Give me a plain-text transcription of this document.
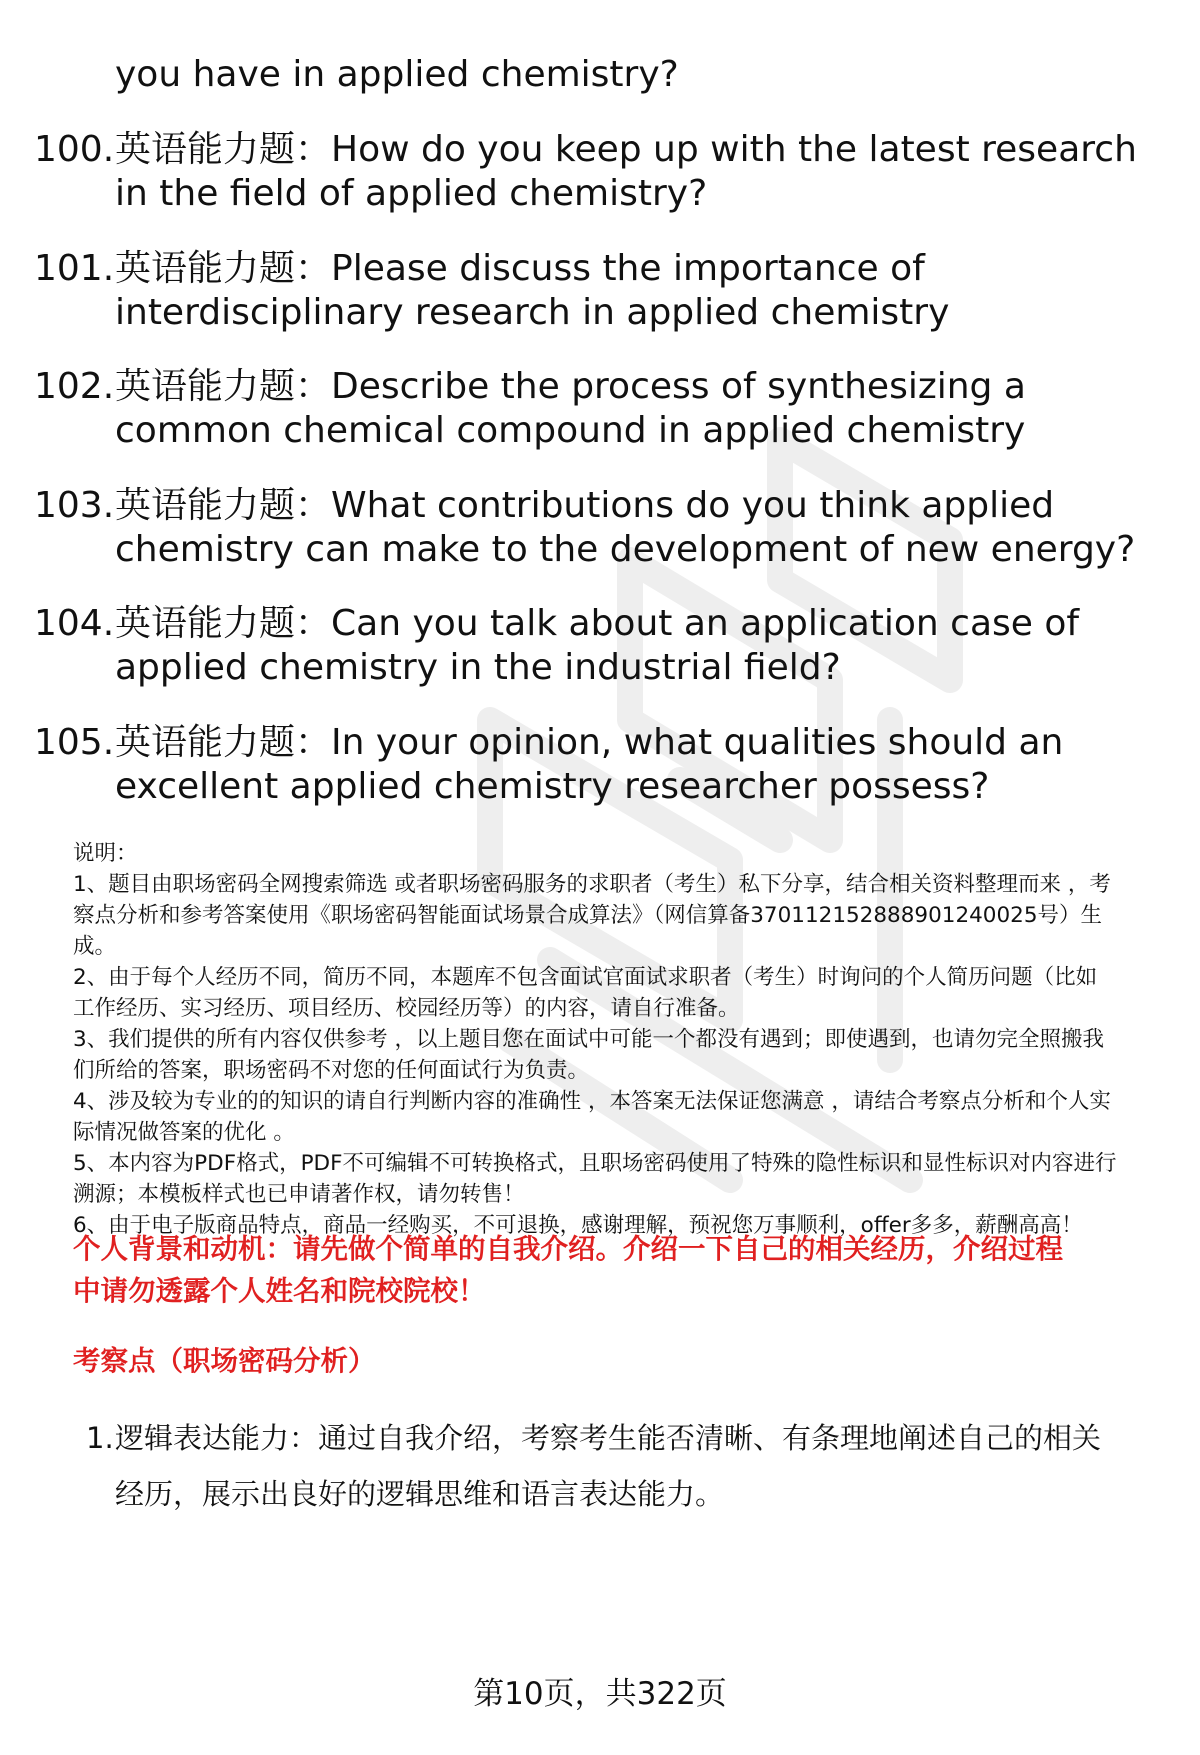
you have in applied chemistry?
100. 英语能力题：How do you keep up with the latest research
in the field of applied chemistry?
101. 英语能力题：Please discuss the importance of
interdisciplinary research in applied chemistry
102. 英语能力题：Describe the process of synthesizing a
common chemical compound in applied chemistry
103. 英语能力题：What contributions do you think applied
chemistry can make to the development of new energy?
104. 英语能力题：Can you talk about an application case of
applied chemistry in the industrial field?
105. 英语能力题：In your opinion, what qualities should an
excellent applied chemistry researcher possess?

说明：

1、题目由职场密码全网搜索筛选 或者职场密码服务的求职者（考生）私下分享，结合相关资料整理而来 ，考

察点分析和参考答案使用《职场密码智能面试场景合成算法》（网信算备370112152888901240025号）生

成。

2、由于每个人经历不同，简历不同，本题库不包含面试官面试求职者（考生）时询问的个人简历问题（比如

工作经历、实习经历、项目经历、校园经历等）的内容，请自行准备。

3、我们提供的所有内容仅供参考 ，以上题目您在面试中可能一个都没有遇到；即使遇到，也请勿完全照搬我

们所给的答案，职场密码不对您的任何面试行为负责。

4、涉及较为专业的的知识的请自行判断内容的准确性 ，本答案无法保证您满意 ，请结合考察点分析和个人实

际情况做答案的优化 。

5、本内容为PDF格式，PDF不可编辑不可转换格式，且职场密码使用了特殊的隐性标识和显性标识对内容进行

溯源；本模板样式也已申请著作权，请勿转售！

6、由于电子版商品特点，商品一经购买，不可退换，感谢理解，预祝您万事顺利，offer多多，薪酬高高！

个人背景和动机：请先做个简单的自我介绍。介绍一下自己的相关经历，介绍过程
中请勿透露个人姓名和院校院校！
考察点（职场密码分析）
1. 逻辑表达能力：通过自我介绍，考察考生能否清晰、有条理地阐述自己的相关
经历，展示出良好的逻辑思维和语言表达能力。
第10页，共322页
